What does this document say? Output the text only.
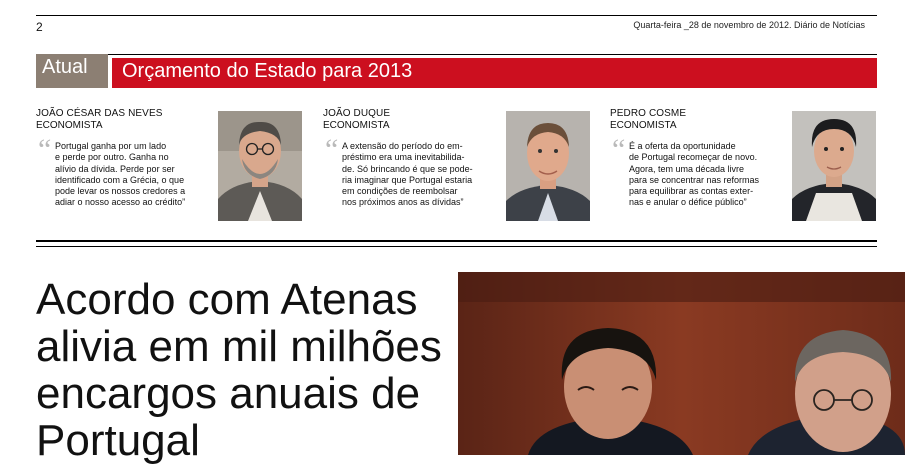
2	Quarta-feira _28 de novembro de 2012. Diário de Notícias
Atual	Orçamento do Estado para 2013
JOÃO CÉSAR DAS NEVES
ECONOMISTA
“ Portugal ganha por um lado
e perde por outro. Ganha no
alívio da dívida. Perde por ser
identificado com a Grécia, o que
pode levar os nossos credores a
adiar o nosso acesso ao crédito”
JOÃO DUQUE
ECONOMISTA
“ A extensão do período do em-
préstimo era uma inevitabilida-
de. Só brincando é que se pode-
ria imaginar que Portugal estaria
em condições de reembolsar
nos próximos anos as dívidas”
PEDRO COSME
ECONOMISTA
“ É a oferta da oportunidade
de Portugal recomeçar de novo.
Agora, tem uma década livre
para se concentrar nas reformas
para equilibrar as contas exter-
nas e anular o défice público”
Acordo com Atenas
alivia em mil milhões
encargos anuais de
Portugal
